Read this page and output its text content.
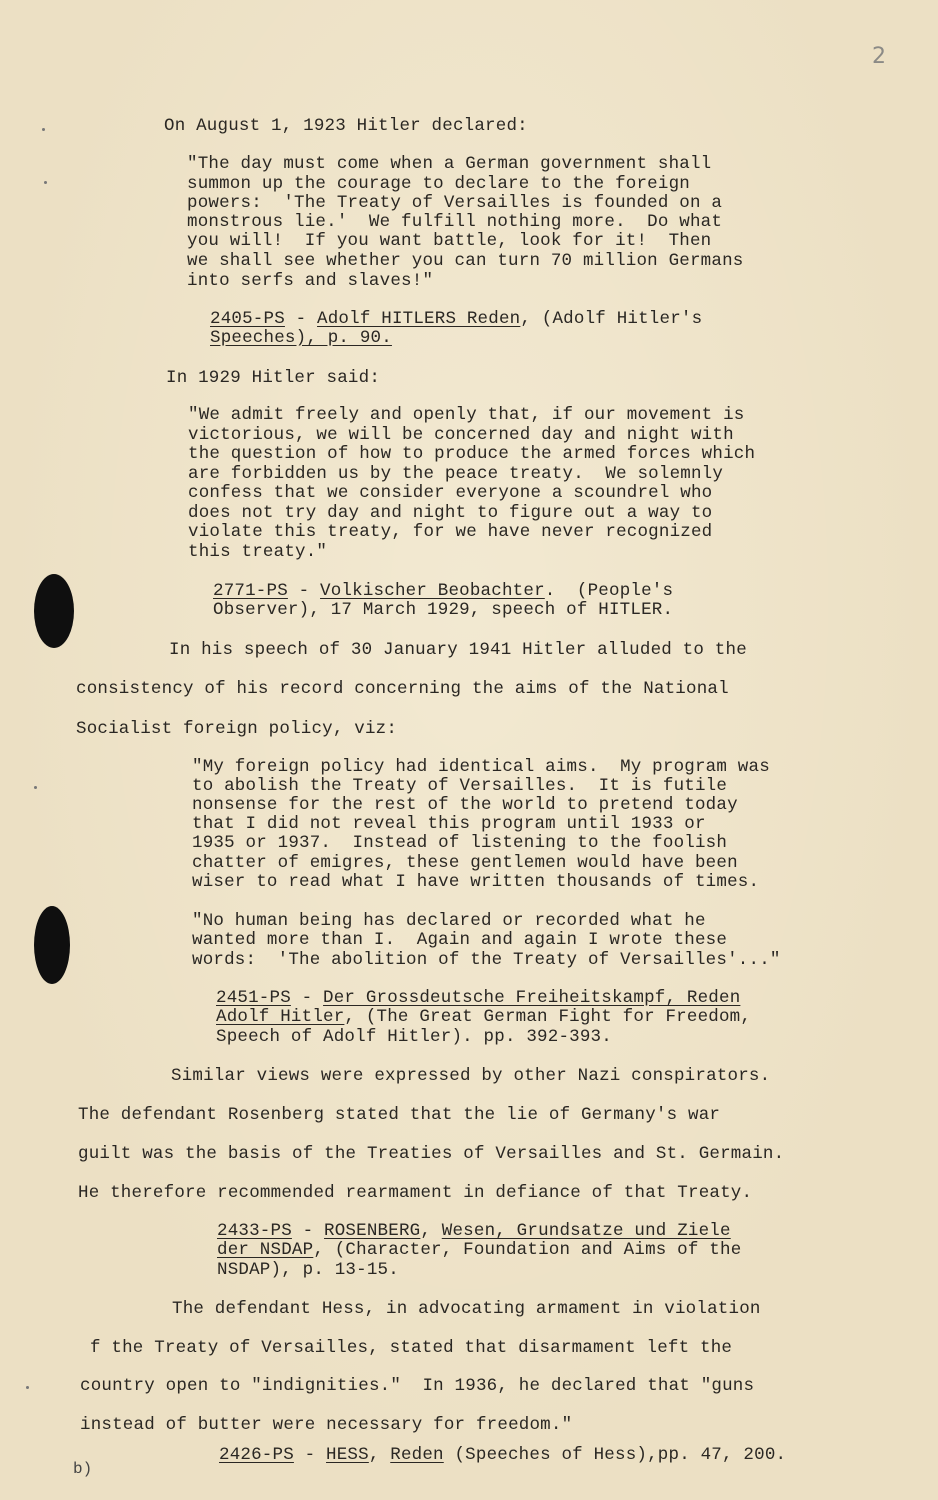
2
On August 1, 1923 Hitler declared:
"The day must come when a German government shall
summon up the courage to declare to the foreign
powers:  'The Treaty of Versailles is founded on a
monstrous lie.'  We fulfill nothing more.  Do what
you will!  If you want battle, look for it!  Then
we shall see whether you can turn 70 million Germans
into serfs and slaves!"
2405-PS - Adolf HITLERS Reden, (Adolf Hitler's
Speeches), p. 90.
In 1929 Hitler said:
"We admit freely and openly that, if our movement is
victorious, we will be concerned day and night with
the question of how to produce the armed forces which
are forbidden us by the peace treaty.  We solemnly
confess that we consider everyone a scoundrel who
does not try day and night to figure out a way to
violate this treaty, for we have never recognized
this treaty."
2771-PS - Volkischer Beobachter.  (People's
Observer), 17 March 1929, speech of HITLER.
In his speech of 30 January 1941 Hitler alluded to the
consistency of his record concerning the aims of the National
Socialist foreign policy, viz:
"My foreign policy had identical aims.  My program was
to abolish the Treaty of Versailles.  It is futile
nonsense for the rest of the world to pretend today
that I did not reveal this program until 1933 or
1935 or 1937.  Instead of listening to the foolish
chatter of emigres, these gentlemen would have been
wiser to read what I have written thousands of times.
"No human being has declared or recorded what he
wanted more than I.  Again and again I wrote these
words:  'The abolition of the Treaty of Versailles'..."
2451-PS - Der Grossdeutsche Freiheitskampf, Reden
Adolf Hitler, (The Great German Fight for Freedom,
Speech of Adolf Hitler). pp. 392-393.
Similar views were expressed by other Nazi conspirators.
The defendant Rosenberg stated that the lie of Germany's war
guilt was the basis of the Treaties of Versailles and St. Germain.
He therefore recommended rearmament in defiance of that Treaty.
2433-PS - ROSENBERG, Wesen, Grundsatze und Ziele
der NSDAP, (Character, Foundation and Aims of the
NSDAP), p. 13-15.
The defendant Hess, in advocating armament in violation
f the Treaty of Versailles, stated that disarmament left the
country open to "indignities."  In 1936, he declared that "guns
instead of butter were necessary for freedom."
2426-PS - HESS, Reden (Speeches of Hess),pp. 47, 200.
b)
